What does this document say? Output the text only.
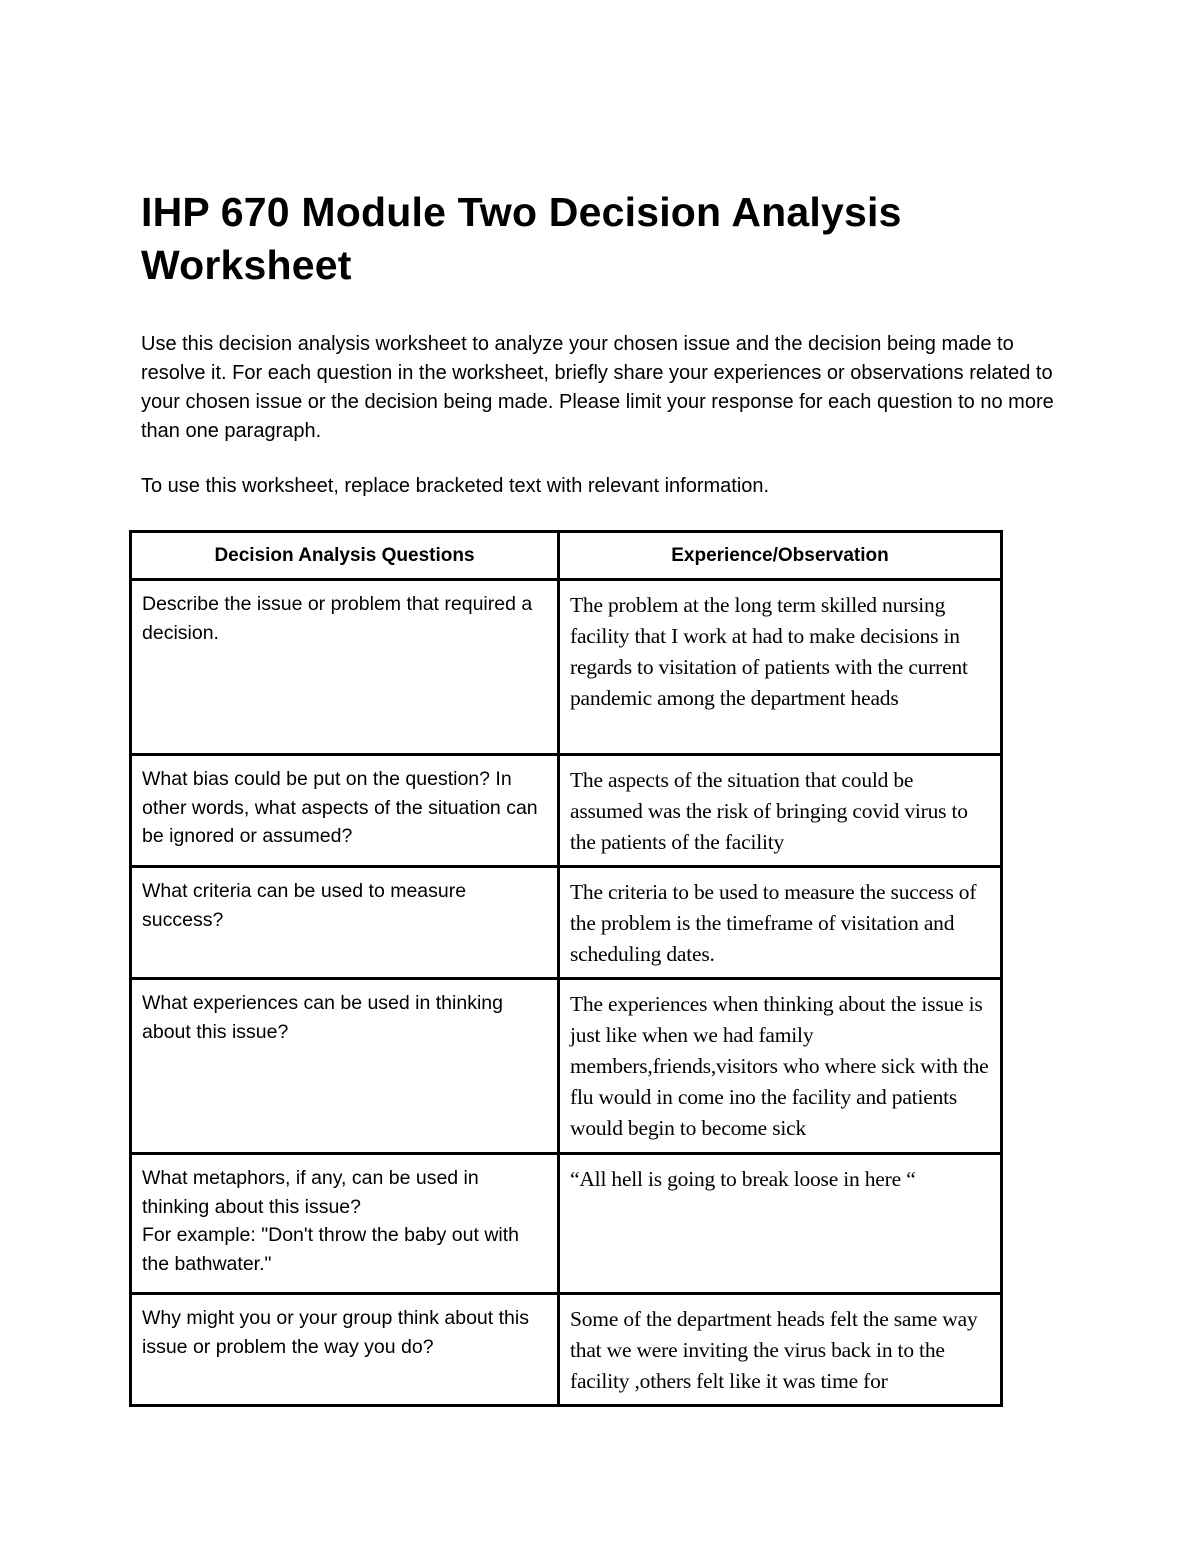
IHP 670 Module Two Decision Analysis Worksheet

Use this decision analysis worksheet to analyze your chosen issue and the decision being made to resolve it. For each question in the worksheet, briefly share your experiences or observations related to your chosen issue or the decision being made. Please limit your response for each question to no more than one paragraph.

To use this worksheet, replace bracketed text with relevant information.

Decision Analysis Questions	Experience/Observation

Describe the issue or problem that required a decision.	The problem at the long term skilled nursing facility that I work at had to make decisions in regards to visitation of patients with the current pandemic among the department heads

What bias could be put on the question? In other words, what aspects of the situation can be ignored or assumed?	The aspects of the situation that could be assumed was the risk of bringing covid virus to the patients of the facility

What criteria can be used to measure success?	The criteria to be used to measure the success of the problem is the timeframe of visitation and scheduling dates.

What experiences can be used in thinking about this issue?	The experiences when thinking about the issue is just like when we had family members,friends,visitors who where sick with the flu would in come ino the facility and patients would begin to become sick

What metaphors, if any, can be used in thinking about this issue?
For example: "Don't throw the baby out with the bathwater."	“All hell is going to break loose in here “

Why might you or your group think about this issue or problem the way you do?	Some of the department heads felt the same way that we were inviting the virus back in to the facility ,others felt like it was time for
